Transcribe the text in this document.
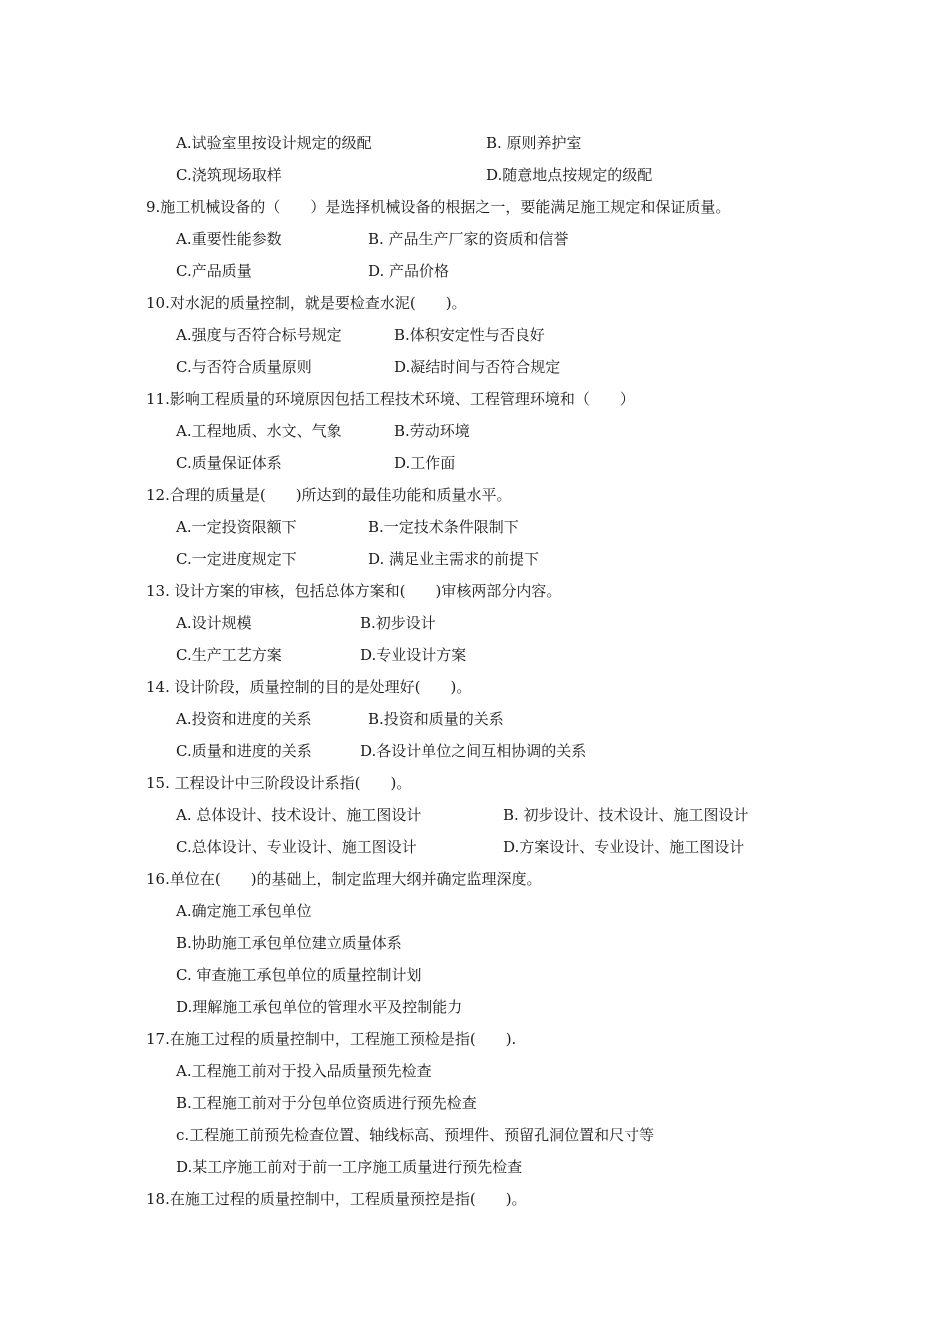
A.试验室里按设计规定的级配	B. 原则养护室
C.浇筑现场取样	D.随意地点按规定的级配
9.施工机械设备的（　　）是选择机械设备的根据之一，要能满足施工规定和保证质量。
A.重要性能参数	B. 产品生产厂家的资质和信誉
C.产品质量	D. 产品价格
10.对水泥的质量控制，就是要检查水泥(　　)。
A.强度与否符合标号规定	B.体积安定性与否良好
C.与否符合质量原则	D.凝结时间与否符合规定
11.影响工程质量的环境原因包括工程技术环境、工程管理环境和（　　）
A.工程地质、水文、气象	B.劳动环境
C.质量保证体系	D.工作面
12.合理的质量是(　　)所达到的最佳功能和质量水平。
A.一定投资限额下	B.一定技术条件限制下
C.一定进度规定下	D. 满足业主需求的前提下
13. 设计方案的审核，包括总体方案和(　　)审核两部分内容。
A.设计规模	B.初步设计
C.生产工艺方案	D.专业设计方案
14. 设计阶段，质量控制的目的是处理好(　　)。
A.投资和进度的关系	B.投资和质量的关系
C.质量和进度的关系	D.各设计单位之间互相协调的关系
15. 工程设计中三阶段设计系指(　　)。
A. 总体设计、技术设计、施工图设计	B. 初步设计、技术设计、施工图设计
C.总体设计、专业设计、施工图设计	D.方案设计、专业设计、施工图设计
16.单位在(　　)的基础上，制定监理大纲并确定监理深度。
A.确定施工承包单位
B.协助施工承包单位建立质量体系
C. 审查施工承包单位的质量控制计划
D.理解施工承包单位的管理水平及控制能力
17.在施工过程的质量控制中，工程施工预检是指(　　).
A.工程施工前对于投入品质量预先检查
B.工程施工前对于分包单位资质进行预先检查
c.工程施工前预先检查位置、轴线标高、预埋件、预留孔洞位置和尺寸等
D.某工序施工前对于前一工序施工质量进行预先检查
18.在施工过程的质量控制中，工程质量预控是指(　　)。
